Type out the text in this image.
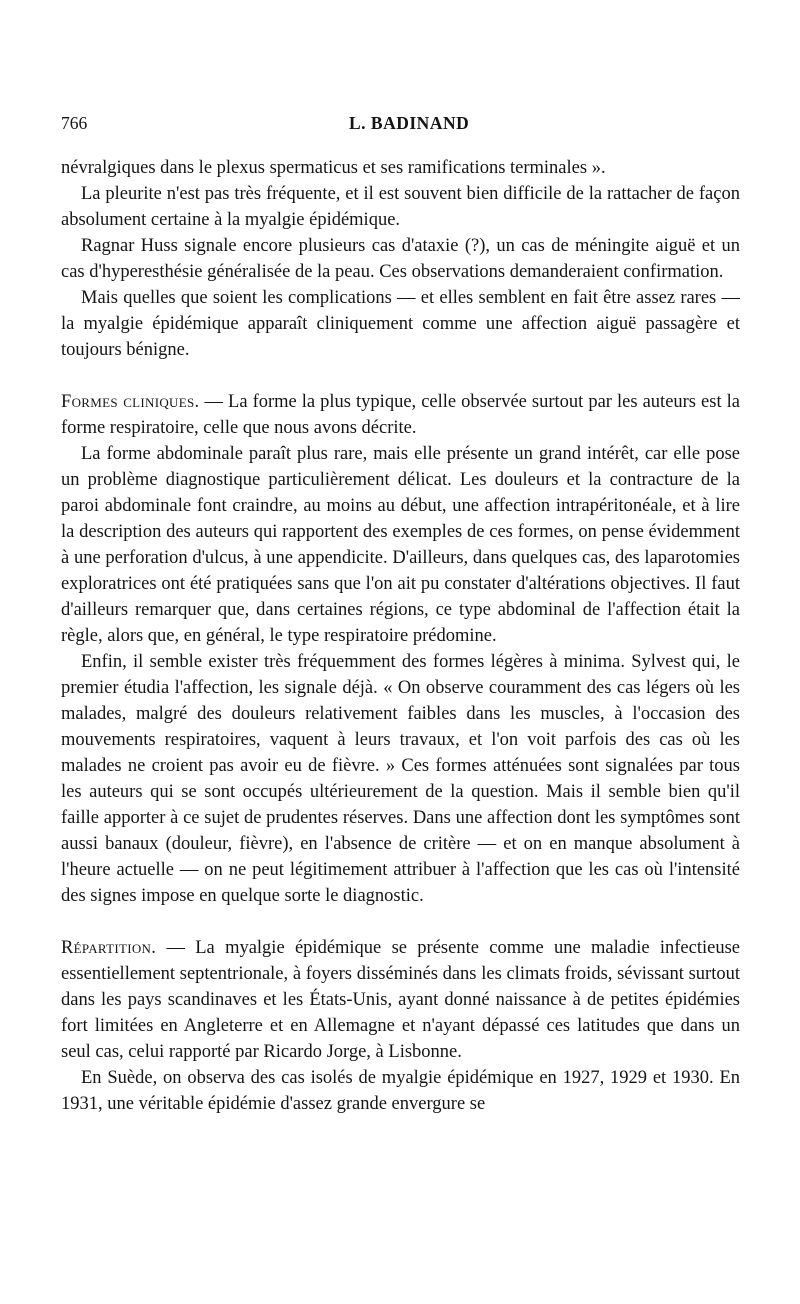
766	L. BADINAND

névralgiques dans le plexus spermaticus et ses ramifications terminales ».

La pleurite n'est pas très fréquente, et il est souvent bien difficile de la rattacher de façon absolument certaine à la myalgie épidémique.

Ragnar Huss signale encore plusieurs cas d'ataxie (?), un cas de méningite aiguë et un cas d'hyperesthésie généralisée de la peau. Ces observations demanderaient confirmation.

Mais quelles que soient les complications — et elles semblent en fait être assez rares — la myalgie épidémique apparaît cliniquement comme une affection aiguë passagère et toujours bénigne.

Formes cliniques. — La forme la plus typique, celle observée surtout par les auteurs est la forme respiratoire, celle que nous avons décrite.

La forme abdominale paraît plus rare, mais elle présente un grand intérêt, car elle pose un problème diagnostique particulièrement délicat. Les douleurs et la contracture de la paroi abdominale font craindre, au moins au début, une affection intrapéritonéale, et à lire la description des auteurs qui rapportent des exemples de ces formes, on pense évidemment à une perforation d'ulcus, à une appendicite. D'ailleurs, dans quelques cas, des laparotomies exploratrices ont été pratiquées sans que l'on ait pu constater d'altérations objectives. Il faut d'ailleurs remarquer que, dans certaines régions, ce type abdominal de l'affection était la règle, alors que, en général, le type respiratoire prédomine.

Enfin, il semble exister très fréquemment des formes légères à minima. Sylvest qui, le premier étudia l'affection, les signale déjà. « On observe couramment des cas légers où les malades, malgré des douleurs relativement faibles dans les muscles, à l'occasion des mouvements respiratoires, vaquent à leurs travaux, et l'on voit parfois des cas où les malades ne croient pas avoir eu de fièvre. » Ces formes atténuées sont signalées par tous les auteurs qui se sont occupés ultérieurement de la question. Mais il semble bien qu'il faille apporter à ce sujet de prudentes réserves. Dans une affection dont les symptômes sont aussi banaux (douleur, fièvre), en l'absence de critère — et on en manque absolument à l'heure actuelle — on ne peut légitimement attribuer à l'affection que les cas où l'intensité des signes impose en quelque sorte le diagnostic.

Répartition. — La myalgie épidémique se présente comme une maladie infectieuse essentiellement septentrionale, à foyers disséminés dans les climats froids, sévissant surtout dans les pays scandinaves et les États-Unis, ayant donné naissance à de petites épidémies fort limitées en Angleterre et en Allemagne et n'ayant dépassé ces latitudes que dans un seul cas, celui rapporté par Ricardo Jorge, à Lisbonne.

En Suède, on observa des cas isolés de myalgie épidémique en 1927, 1929 et 1930. En 1931, une véritable épidémie d'assez grande envergure se
